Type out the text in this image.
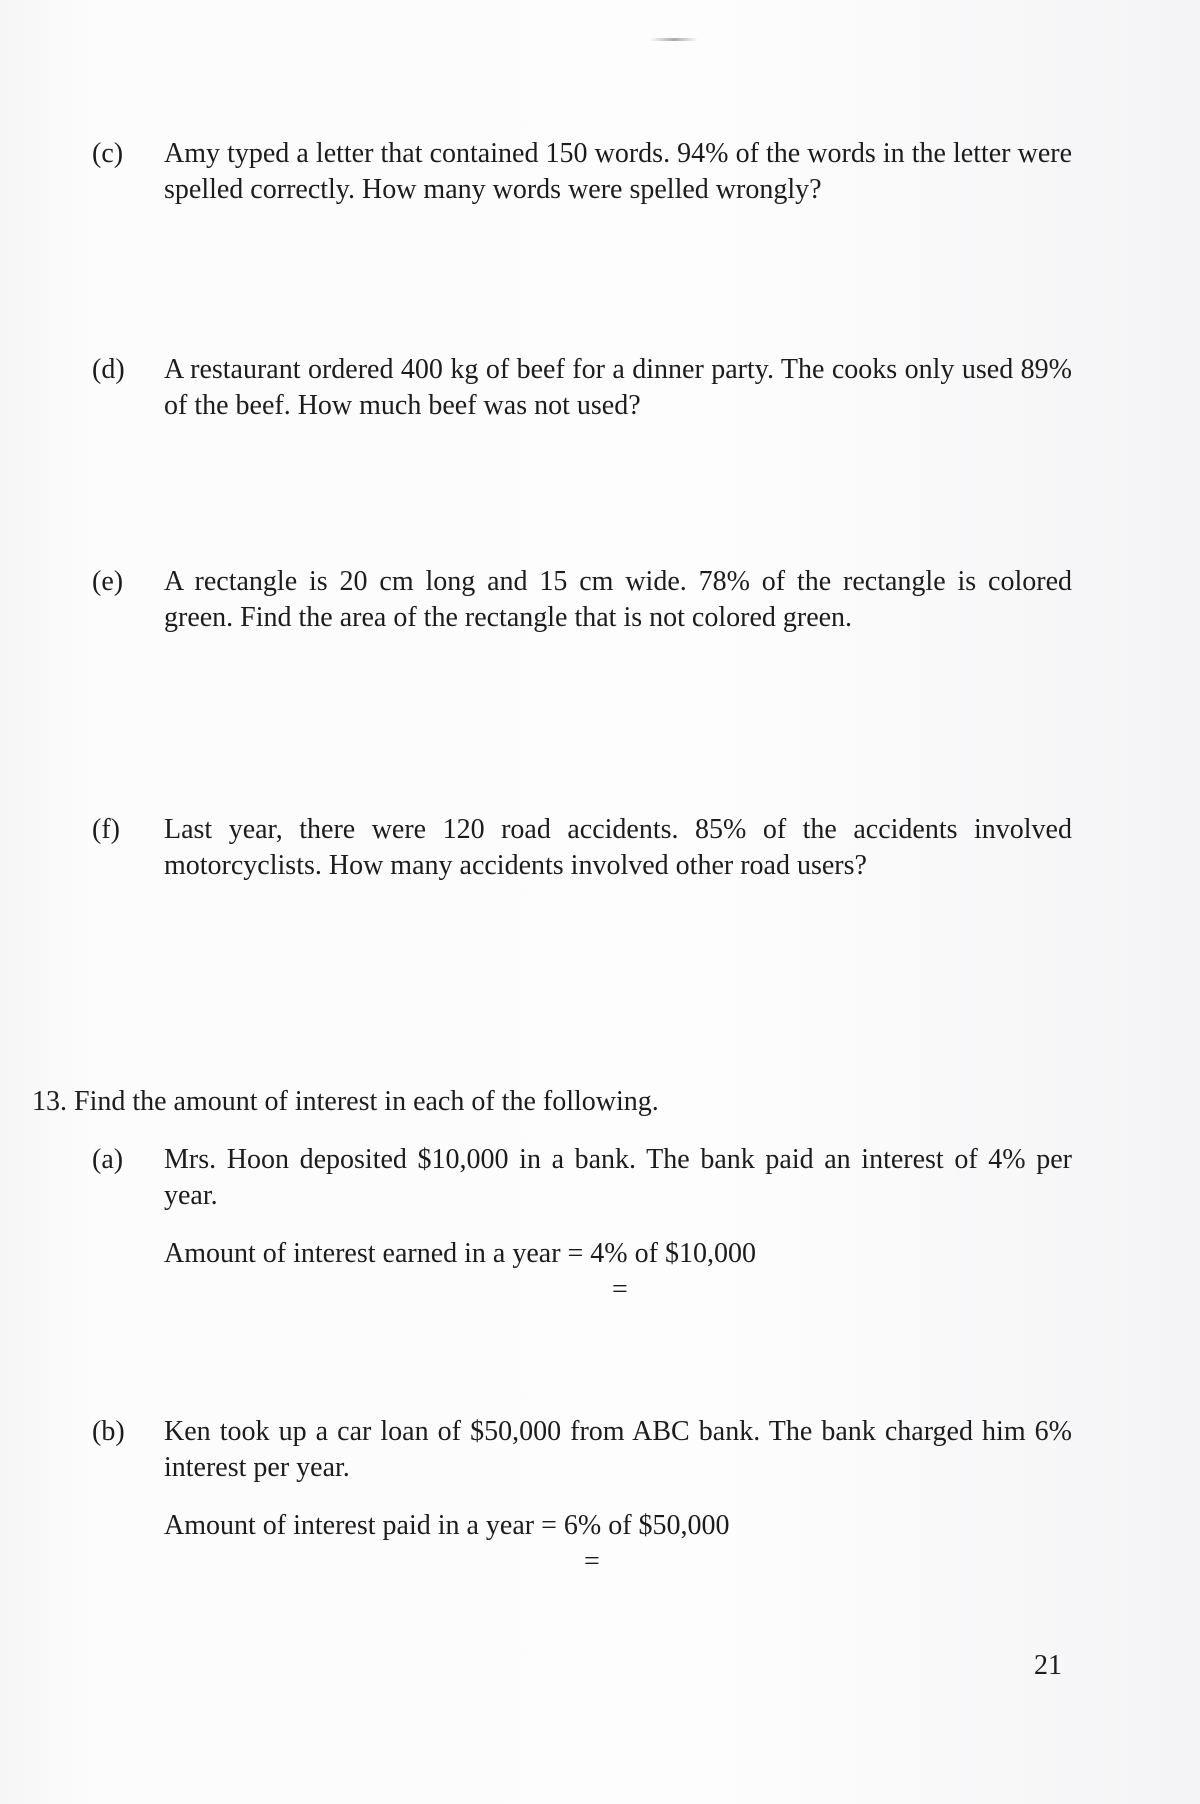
(c) Amy typed a letter that contained 150 words. 94% of the words in the letter were spelled correctly. How many words were spelled wrongly?
(d) A restaurant ordered 400 kg of beef for a dinner party. The cooks only used 89% of the beef. How much beef was not used?
(e) A rectangle is 20 cm long and 15 cm wide. 78% of the rectangle is colored green. Find the area of the rectangle that is not colored green.
(f) Last year, there were 120 road accidents. 85% of the accidents involved motorcyclists. How many accidents involved other road users?
13. Find the amount of interest in each of the following.
(a) Mrs. Hoon deposited $10,000 in a bank. The bank paid an interest of 4% per year.
Amount of interest earned in a year = 4% of $10,000
=
(b) Ken took up a car loan of $50,000 from ABC bank. The bank charged him 6% interest per year.
Amount of interest paid in a year = 6% of $50,000
=
21
